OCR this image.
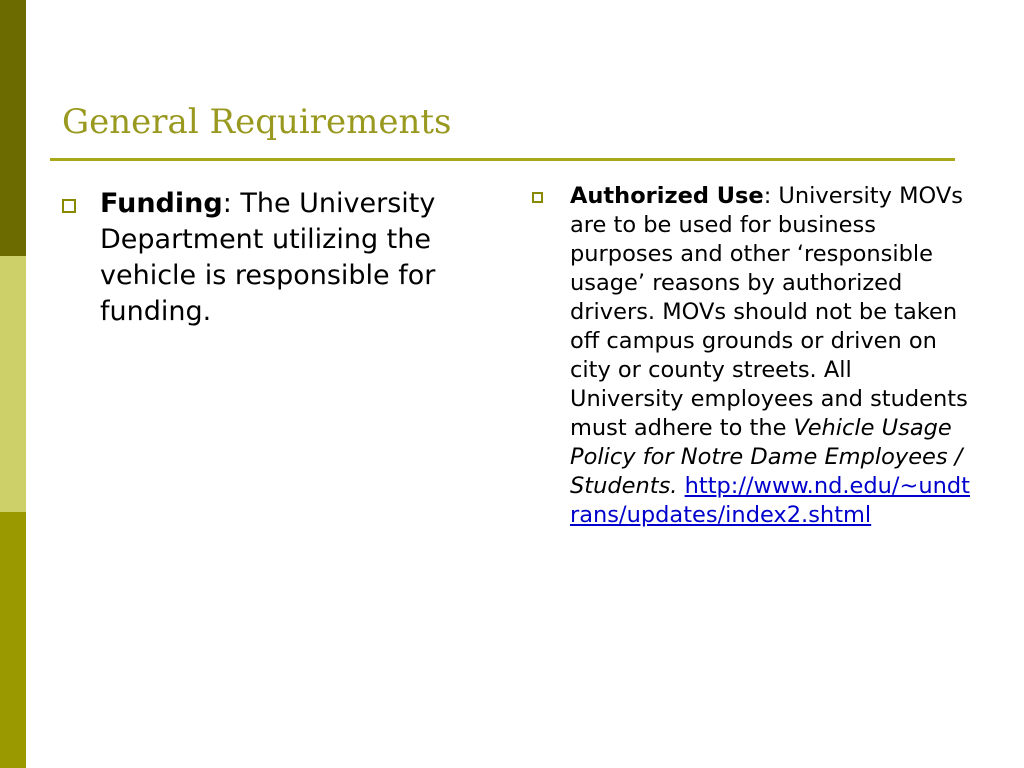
General Requirements
Funding: The University Department utilizing the vehicle is responsible for funding.
Authorized Use: University MOVs are to be used for business purposes and other ‘responsible usage’ reasons by authorized drivers. MOVs should not be taken off campus grounds or driven on city or county streets. All University employees and students must adhere to the Vehicle Usage Policy for Notre Dame Employees / Students. http://www.nd.edu/~undtrans/updates/index2.shtml
